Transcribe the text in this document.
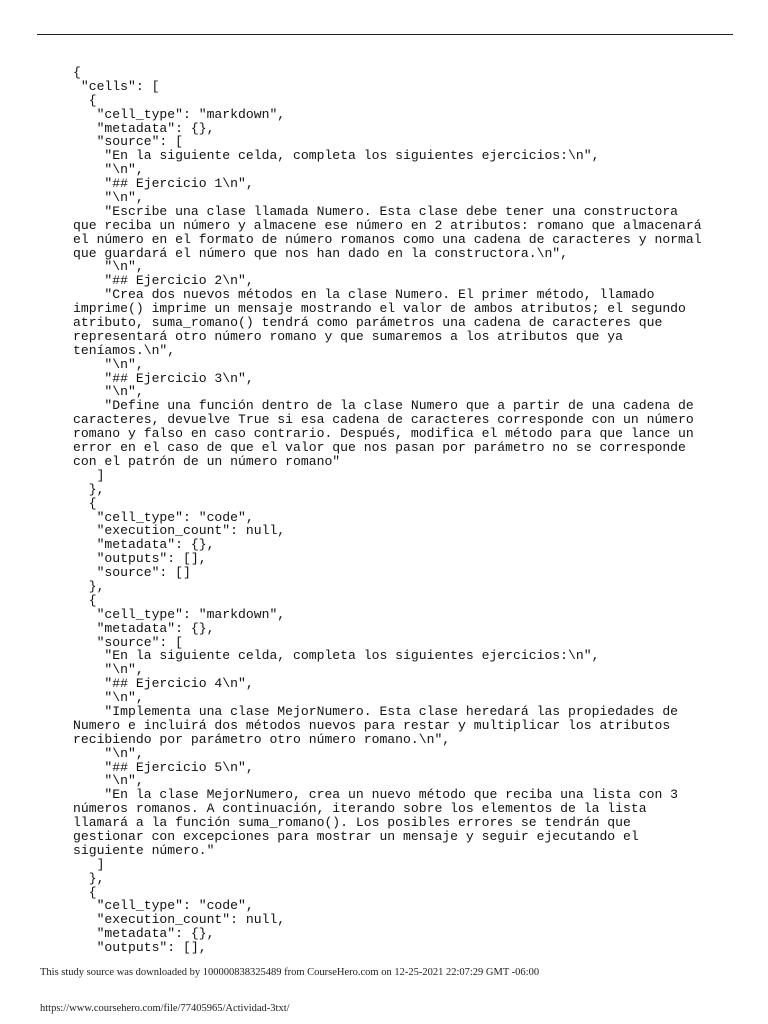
{
"cells": [
{
"cell_type": "markdown",
"metadata": {},
"source": [
"En la siguiente celda, completa los siguientes ejercicios:\n",
"\n",
"## Ejercicio 1\n",
"\n",
"Escribe una clase llamada Numero. Esta clase debe tener una constructora
que reciba un número y almacene ese número en 2 atributos: romano que almacenará
el número en el formato de número romanos como una cadena de caracteres y normal
que guardará el número que nos han dado en la constructora.\n",
"\n",
"## Ejercicio 2\n",
"Crea dos nuevos métodos en la clase Numero. El primer método, llamado
imprime() imprime un mensaje mostrando el valor de ambos atributos; el segundo
atributo, suma_romano() tendrá como parámetros una cadena de caracteres que
representará otro número romano y que sumaremos a los atributos que ya
teníamos.\n",
"\n",
"## Ejercicio 3\n",
"\n",
"Define una función dentro de la clase Numero que a partir de una cadena de
caracteres, devuelve True si esa cadena de caracteres corresponde con un número
romano y falso en caso contrario. Después, modifica el método para que lance un
error en el caso de que el valor que nos pasan por parámetro no se corresponde
con el patrón de un número romano"
]
},
{
"cell_type": "code",
"execution_count": null,
"metadata": {},
"outputs": [],
"source": []
},
{
"cell_type": "markdown",
"metadata": {},
"source": [
"En la siguiente celda, completa los siguientes ejercicios:\n",
"\n",
"## Ejercicio 4\n",
"\n",
"Implementa una clase MejorNumero. Esta clase heredará las propiedades de
Numero e incluirá dos métodos nuevos para restar y multiplicar los atributos
recibiendo por parámetro otro número romano.\n",
"\n",
"## Ejercicio 5\n",
"\n",
"En la clase MejorNumero, crea un nuevo método que reciba una lista con 3
números romanos. A continuación, iterando sobre los elementos de la lista
llamará a la función suma_romano(). Los posibles errores se tendrán que
gestionar con excepciones para mostrar un mensaje y seguir ejecutando el
siguiente número."
]
},
{
"cell_type": "code",
"execution_count": null,
"metadata": {},
"outputs": [],
This study source was downloaded by 100000838325489 from CourseHero.com on 12-25-2021 22:07:29 GMT -06:00
https://www.coursehero.com/file/77405965/Actividad-3txt/
